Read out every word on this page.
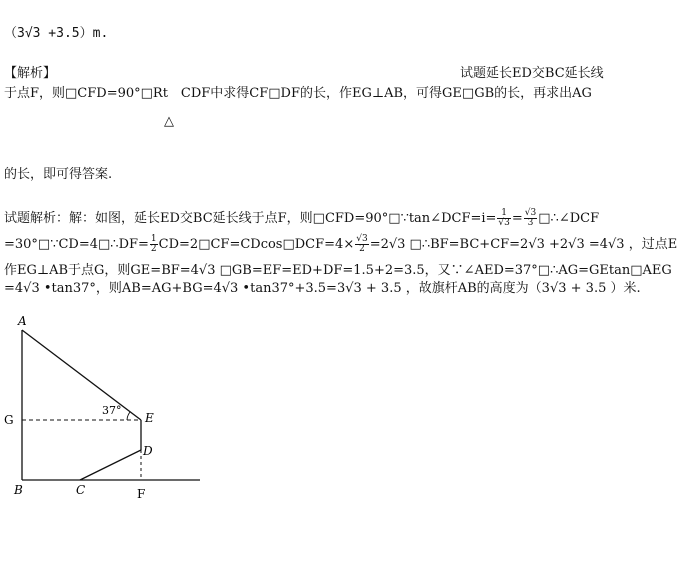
（3√3 +3.5）m.
【解析】	试题延长ED交BC延长线
于点F，则□CFD=90°□Rt　CDF中求得CF□DF的长，作EG⊥AB，可得GE□GB的长，再求出AG
△
的长，即可得答案.
试题解析：解：如图，延长ED交BC延长线于点F，则□CFD=90°□∵tan∠DCF=i= $\frac{1}{√3} = \frac{√3}{3}$ □∴∠DCF
=30°□∵CD=4□∴DF= $\frac{1}{2}$ CD=2□CF=CDcos□DCF=4× $\frac{√3}{2} =2√3$ □∴BF=BC+CF=2√3 +2√3 =4√3 ，过点E
作EG⊥AB于点G，则GE=BF=4√3 □GB=EF=ED+DF=1.5+2=3.5，又∵∠AED=37°□∴AG=GEtan□AEG
=4√3 •tan37°，则AB=AG+BG=4√3 •tan37°+3.5=3√3 + 3.5 ，故旗杆AB的高度为（3√3 + 3.5 ）米.
A
G
B	C	F
E
D
37°
